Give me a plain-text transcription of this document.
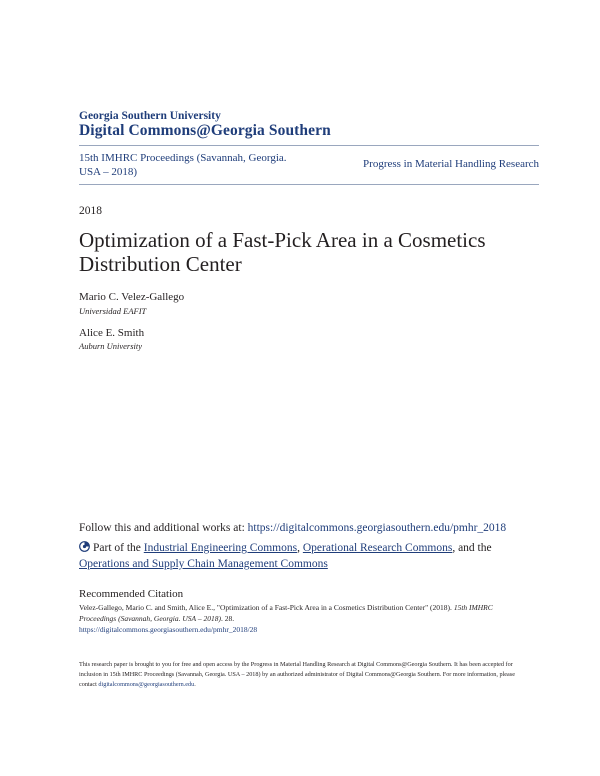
Georgia Southern University
Digital Commons@Georgia Southern
15th IMHRC Proceedings (Savannah, Georgia. USA – 2018)
Progress in Material Handling Research
2018
Optimization of a Fast-Pick Area in a Cosmetics Distribution Center
Mario C. Velez-Gallego
Universidad EAFIT
Alice E. Smith
Auburn University
Follow this and additional works at: https://digitalcommons.georgiasouthern.edu/pmhr_2018
Part of the Industrial Engineering Commons, Operational Research Commons, and the Operations and Supply Chain Management Commons
Recommended Citation
Velez-Gallego, Mario C. and Smith, Alice E., "Optimization of a Fast-Pick Area in a Cosmetics Distribution Center" (2018). 15th IMHRC Proceedings (Savannah, Georgia. USA – 2018). 28.
https://digitalcommons.georgiasouthern.edu/pmhr_2018/28
This research paper is brought to you for free and open access by the Progress in Material Handling Research at Digital Commons@Georgia Southern. It has been accepted for inclusion in 15th IMHRC Proceedings (Savannah, Georgia. USA – 2018) by an authorized administrator of Digital Commons@Georgia Southern. For more information, please contact digitalcommons@georgiasouthern.edu.
